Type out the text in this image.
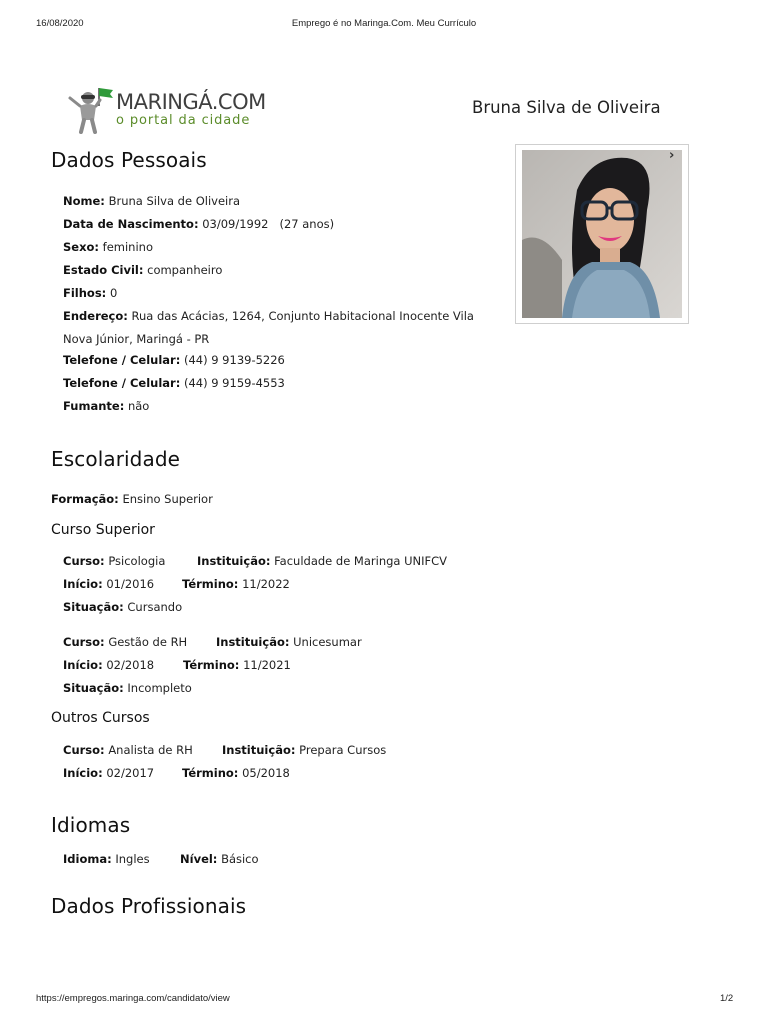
16/08/2020	Emprego é no Maringa.Com. Meu Currículo
MARINGÁ.COM
o portal da cidade
Bruna Silva de Oliveira
›
Dados Pessoais
Nome: Bruna Silva de Oliveira
Data de Nascimento: 03/09/1992   (27 anos)
Sexo: feminino
Estado Civil: companheiro
Filhos: 0
Endereço: Rua das Acácias, 1264, Conjunto Habitacional Inocente Vila
Nova Júnior, Maringá - PR
Telefone / Celular: (44) 9 9139-5226
Telefone / Celular: (44) 9 9159-4553
Fumante: não
Escolaridade
Formação: Ensino Superior
Curso Superior
Curso: Psicologia	Instituição: Faculdade de Maringa UNIFCV
Início: 01/2016 Término: 11/2022
Situação: Cursando
Curso: Gestão de RH	Instituição: Unicesumar
Início: 02/2018	Término: 11/2021
Situação: Incompleto
Outros Cursos
Curso: Analista de RH	Instituição: Prepara Cursos
Início: 02/2017 Término: 05/2018
Idiomas
Idioma: Ingles	Nível: Básico
Dados Profissionais
https://empregos.maringa.com/candidato/view	1/2
